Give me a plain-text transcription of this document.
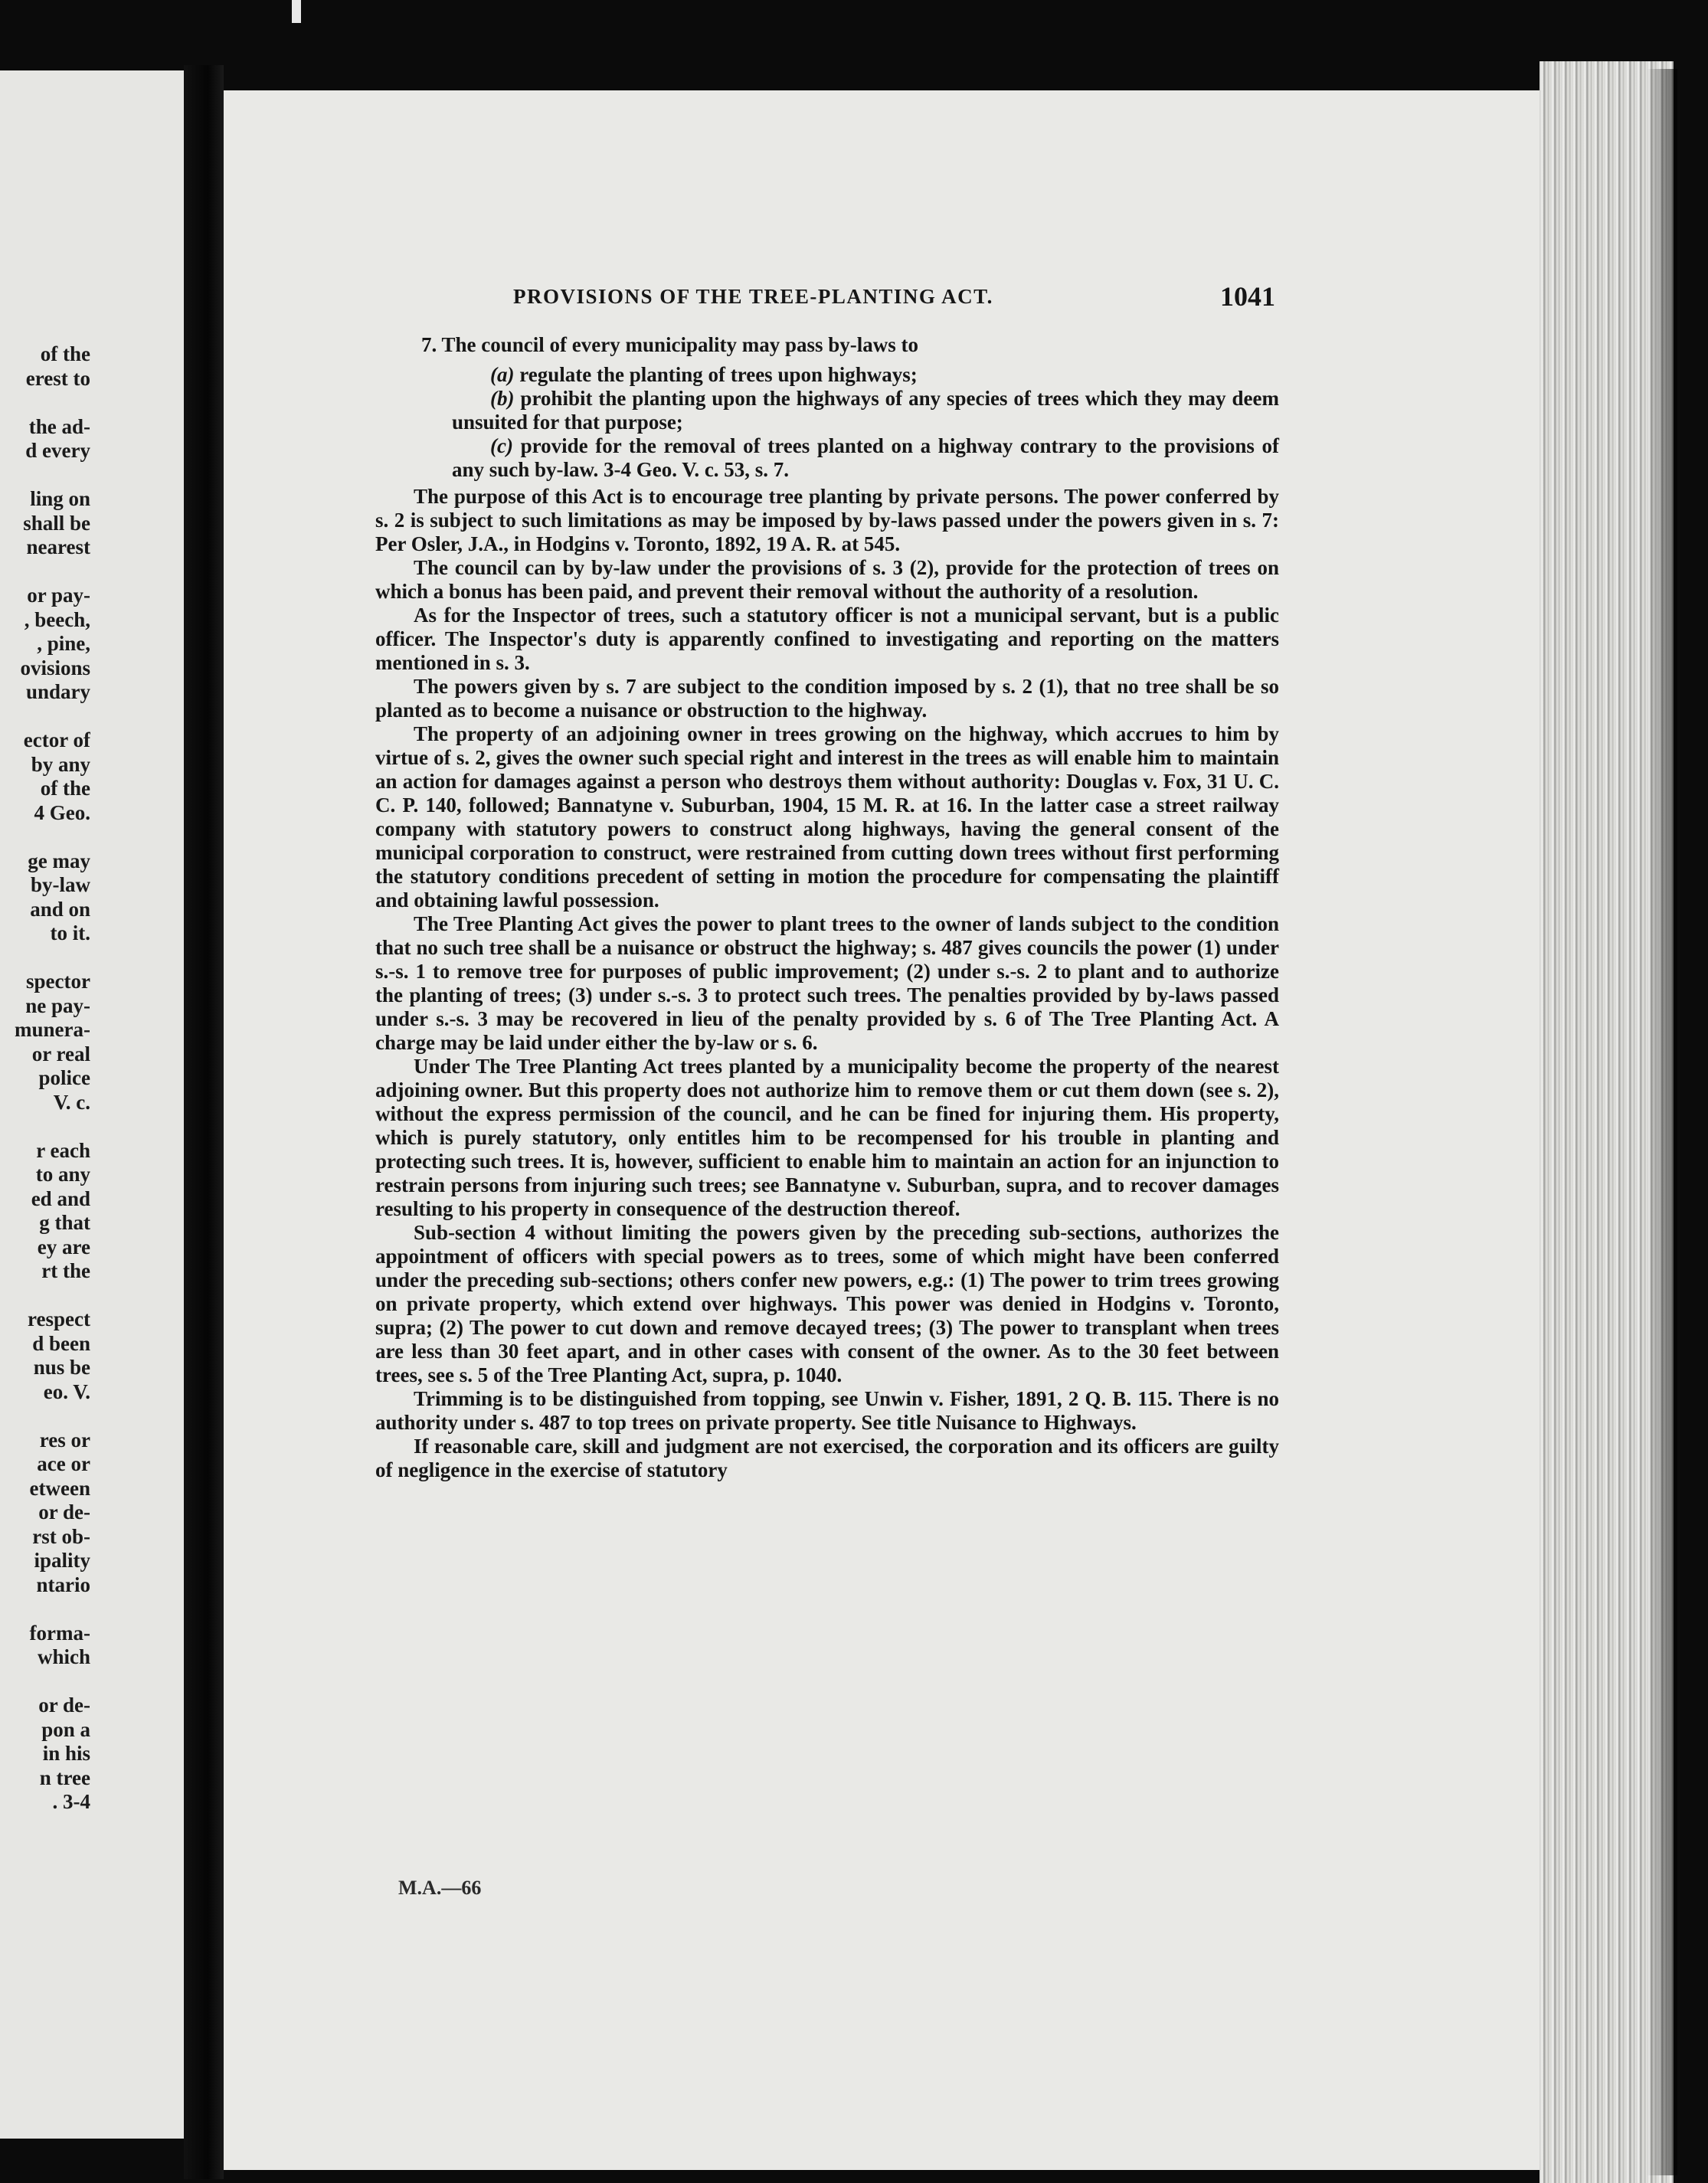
of the
erest to
the ad-
d every
ling on
shall be
nearest
or pay-
, beech,
, pine,
ovisions
undary
ector of
by any
of the
4 Geo.
ge may
by-law
and on
to it.
spector
ne pay-
munera-
or real
police
V. c.
r each
to any
ed and
g that
ey are
rt the
respect
d been
nus be
eo. V.
res or
ace or
etween
or de-
rst ob-
ipality
ntario
forma-
which
or de-
pon a
in his
n tree
. 3-4
PROVISIONS OF THE TREE-PLANTING ACT.	1041

7. The council of every municipality may pass by-laws to

(a) regulate the planting of trees upon highways;

(b) prohibit the planting upon the highways of any species of trees which they may deem unsuited for that purpose;

(c) provide for the removal of trees planted on a highway contrary to the provisions of any such by-law. 3-4 Geo. V. c. 53, s. 7.

The purpose of this Act is to encourage tree planting by private persons. The power conferred by s. 2 is subject to such limitations as may be imposed by by-laws passed under the powers given in s. 7: Per Osler, J.A., in Hodgins v. Toronto, 1892, 19 A. R. at 545.

The council can by by-law under the provisions of s. 3 (2), provide for the protection of trees on which a bonus has been paid, and prevent their removal without the authority of a resolution.

As for the Inspector of trees, such a statutory officer is not a municipal servant, but is a public officer. The Inspector's duty is apparently confined to investigating and reporting on the matters mentioned in s. 3.

The powers given by s. 7 are subject to the condition imposed by s. 2 (1), that no tree shall be so planted as to become a nuisance or obstruction to the highway.

The property of an adjoining owner in trees growing on the highway, which accrues to him by virtue of s. 2, gives the owner such special right and interest in the trees as will enable him to maintain an action for damages against a person who destroys them without authority: Douglas v. Fox, 31 U. C. C. P. 140, followed; Bannatyne v. Suburban, 1904, 15 M. R. at 16. In the latter case a street railway company with statutory powers to construct along highways, having the general consent of the municipal corporation to construct, were restrained from cutting down trees without first performing the statutory conditions precedent of setting in motion the procedure for compensating the plaintiff and obtaining lawful possession.

The Tree Planting Act gives the power to plant trees to the owner of lands subject to the condition that no such tree shall be a nuisance or obstruct the highway; s. 487 gives councils the power (1) under s.-s. 1 to remove tree for purposes of public improvement; (2) under s.-s. 2 to plant and to authorize the planting of trees; (3) under s.-s. 3 to protect such trees. The penalties provided by by-laws passed under s.-s. 3 may be recovered in lieu of the penalty provided by s. 6 of The Tree Planting Act. A charge may be laid under either the by-law or s. 6.

Under The Tree Planting Act trees planted by a municipality become the property of the nearest adjoining owner. But this property does not authorize him to remove them or cut them down (see s. 2), without the express permission of the council, and he can be fined for injuring them. His property, which is purely statutory, only entitles him to be recompensed for his trouble in planting and protecting such trees. It is, however, sufficient to enable him to maintain an action for an injunction to restrain persons from injuring such trees; see Bannatyne v. Suburban, supra, and to recover damages resulting to his property in consequence of the destruction thereof.

Sub-section 4 without limiting the powers given by the preceding sub-sections, authorizes the appointment of officers with special powers as to trees, some of which might have been conferred under the preceding sub-sections; others confer new powers, e.g.: (1) The power to trim trees growing on private property, which extend over highways. This power was denied in Hodgins v. Toronto, supra; (2) The power to cut down and remove decayed trees; (3) The power to transplant when trees are less than 30 feet apart, and in other cases with consent of the owner. As to the 30 feet between trees, see s. 5 of the Tree Planting Act, supra, p. 1040.

Trimming is to be distinguished from topping, see Unwin v. Fisher, 1891, 2 Q. B. 115. There is no authority under s. 487 to top trees on private property. See title Nuisance to Highways.

If reasonable care, skill and judgment are not exercised, the corporation and its officers are guilty of negligence in the exercise of statutory

M.A.—66
